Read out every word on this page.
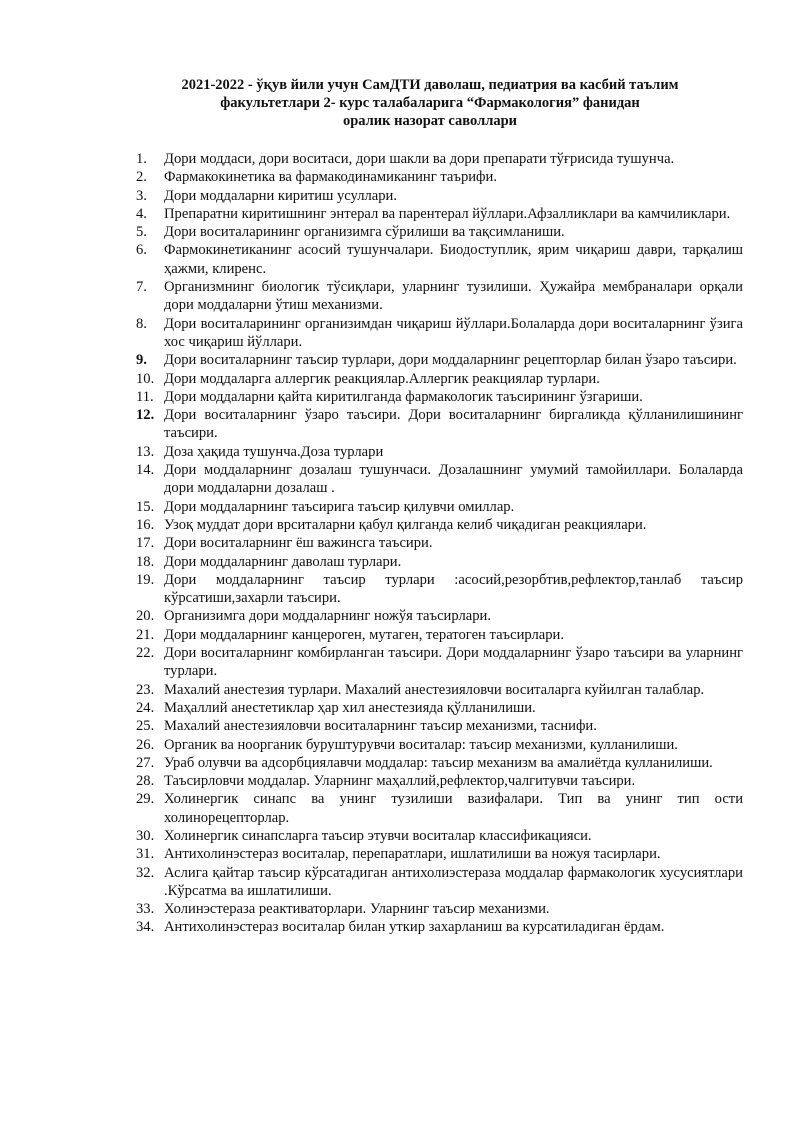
2021-2022 - ўқув йили учун СамДТИ даволаш, педиатрия ва касбий таълим
факультетлари 2- курс талабаларига “Фармакология” фанидан
оралик назорат саволлари
1.	Дори моддаси, дори воситаси, дори шакли ва дори препарати тўғрисида тушунча.
2.	Фармакокинетика ва фармакодинамиканинг таърифи.
3.	Дори моддаларни киритиш усуллари.
4.	Препаратни киритишнинг энтерал ва парентерал йўллари.Афзалликлари ва камчиликлари.
5.	Дори воситаларининг организимга сўрилиши ва тақсимланиши.
6.	Фармокинетиканинг асосий тушунчалари. Биодоступлик, ярим чиқариш даври, тарқалиш ҳажми, клиренс.
7.	Организмнинг биологик тўсиқлари, уларнинг тузилиши. Ҳужайра мембраналари орқали дори моддаларни ўтиш механизми.
8.	Дори воситаларининг организимдан чиқариш йўллари.Болаларда дори воситаларнинг ўзига хос чиқариш йўллари.
9.	Дори воситаларнинг таъсир турлари, дори моддаларнинг рецепторлар билан ўзаро таъсири.
10. Дори моддаларга аллергик реакциялар.Аллергик реакциялар турлари.
11. Дори моддаларни қайта киритилганда фармакологик таъсирининг ўзгариши.
12. Дори воситаларнинг ўзаро таъсири. Дори воситаларнинг биргаликда қўлланилишининг таъсири.
13. Доза ҳақида тушунча.Доза турлари
14. Дори моддаларнинг дозалаш тушунчаси. Дозалашнинг умумий тамойиллари. Болаларда дори моддаларни дозалаш .
15. Дори моддаларнинг таъсирига таъсир қилувчи омиллар.
16. Узоқ муддат дори врситаларни қабул қилганда келиб чиқадиган реакциялари.
17. Дори воситаларнинг ёш важинсга таъсири.
18. Дори моддаларнинг даволаш турлари.
19. Дори моддаларнинг таъсир турлари :асосий,резорбтив,рефлектор,танлаб таъсир кўрсатиши,захарли таъсири.
20. Организимга дори моддаларнинг ножўя таъсирлари.
21. Дори моддаларнинг канцероген, мутаген, тератоген таъсирлари.
22. Дори воситаларнинг комбирланган таъсири. Дори моддаларнинг ўзаро таъсири ва уларнинг турлари.
23. Махалий анестезия турлари. Махалий анестезияловчи воситаларга куйилган талаблар.
24. Маҳаллий анестетиклар ҳар хил анестезияда қўлланилиши.
25. Махалий анестезияловчи воситаларнинг таъсир механизми, таснифи.
26. Органик ва ноорганик буруштурувчи воситалар: таъсир механизми, кулланилиши.
27. Ураб олувчи ва адсорбциялавчи моддалар: таъсир механизм ва амалиётда кулланилиши.
28. Таъсирловчи моддалар. Уларнинг маҳаллий,рефлектор,чалгитувчи таъсири.
29. Холинергик синапс ва унинг тузилиши вазифалари. Тип ва унинг тип ости холинорецепторлар.
30. Холинергик синапсларга таъсир этувчи воситалар классификацияси.
31. Антихолинэстераз воситалар, перепаратлари, ишлатилиши ва ножуя тасирлари.
32. Аслига қайтар таъсир кўрсатадиган антихолиэстераза моддалар фармакологик хусусиятлари .Кўрсатма ва ишлатилиши.
33. Холинэстераза реактиваторлари. Уларнинг таъсир механизми.
34. Антихолинэстераз воситалар билан уткир захарланиш ва курсатиладиган ёрдам.
